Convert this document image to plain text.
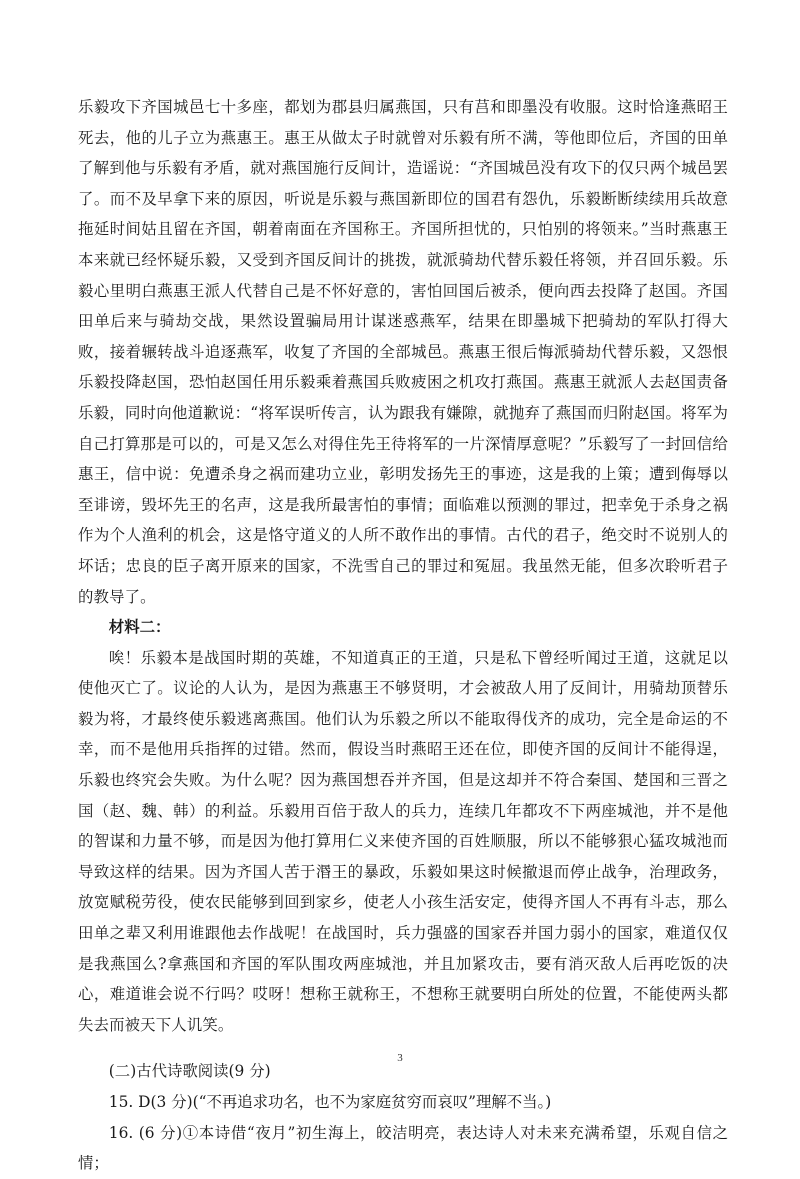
乐毅攻下齐国城邑七十多座，都划为郡县归属燕国，只有莒和即墨没有收服。这时恰逢燕昭王死去，他的儿子立为燕惠王。惠王从做太子时就曾对乐毅有所不满，等他即位后，齐国的田单了解到他与乐毅有矛盾，就对燕国施行反间计，造谣说：“齐国城邑没有攻下的仅只两个城邑罢了。而不及早拿下来的原因，听说是乐毅与燕国新即位的国君有怨仇，乐毅断断续续用兵故意拖延时间姑且留在齐国，朝着南面在齐国称王。齐国所担忧的，只怕别的将领来。”当时燕惠王本来就已经怀疑乐毅，又受到齐国反间计的挑拨，就派骑劫代替乐毅任将领，并召回乐毅。乐毅心里明白燕惠王派人代替自己是不怀好意的，害怕回国后被杀，便向西去投降了赵国。齐国田单后来与骑劫交战，果然设置骗局用计谋迷惑燕军，结果在即墨城下把骑劫的军队打得大败，接着辗转战斗追逐燕军，收复了齐国的全部城邑。燕惠王很后悔派骑劫代替乐毅，又怨恨乐毅投降赵国，恐怕赵国任用乐毅乘着燕国兵败疲困之机攻打燕国。燕惠王就派人去赵国责备乐毅，同时向他道歉说：“将军误听传言，认为跟我有嫌隙，就抛弃了燕国而归附赵国。将军为自己打算那是可以的，可是又怎么对得住先王待将军的一片深情厚意呢？”乐毅写了一封回信给惠王，信中说：免遭杀身之祸而建功立业，彰明发扬先王的事迹，这是我的上策；遭到侮辱以至诽谤，毁坏先王的名声，这是我所最害怕的事情；面临难以预测的罪过，把幸免于杀身之祸作为个人渔利的机会，这是恪守道义的人所不敢作出的事情。古代的君子，绝交时不说别人的坏话；忠良的臣子离开原来的国家，不洗雪自己的罪过和冤屈。我虽然无能，但多次聆听君子的教导了。

材料二：

唉！乐毅本是战国时期的英雄，不知道真正的王道，只是私下曾经听闻过王道，这就足以使他灭亡了。议论的人认为，是因为燕惠王不够贤明，才会被敌人用了反间计，用骑劫顶替乐毅为将，才最终使乐毅逃离燕国。他们认为乐毅之所以不能取得伐齐的成功，完全是命运的不幸，而不是他用兵指挥的过错。然而，假设当时燕昭王还在位，即使齐国的反间计不能得逞，乐毅也终究会失败。为什么呢？因为燕国想吞并齐国，但是这却并不符合秦国、楚国和三晋之国（赵、魏、韩）的利益。乐毅用百倍于敌人的兵力，连续几年都攻不下两座城池，并不是他的智谋和力量不够，而是因为他打算用仁义来使齐国的百姓顺服，所以不能够狠心猛攻城池而导致这样的结果。因为齐国人苦于湣王的暴政，乐毅如果这时候撤退而停止战争，治理政务，放宽赋税劳役，使农民能够到回到家乡，使老人小孩生活安定，使得齐国人不再有斗志，那么田单之辈又利用谁跟他去作战呢！在战国时，兵力强盛的国家吞并国力弱小的国家，难道仅仅是我燕国么?拿燕国和齐国的军队围攻两座城池，并且加紧攻击，要有消灭敌人后再吃饭的决心，难道谁会说不行吗？哎呀！想称王就称王，不想称王就要明白所处的位置，不能使两头都失去而被天下人讥笑。

(二)古代诗歌阅读(9 分)

15. D(3 分)(“不再追求功名，也不为家庭贫穷而哀叹”理解不当。)

16. (6 分)①本诗借“夜月”初生海上，皎洁明亮，表达诗人对未来充满希望，乐观自信之情；

3
